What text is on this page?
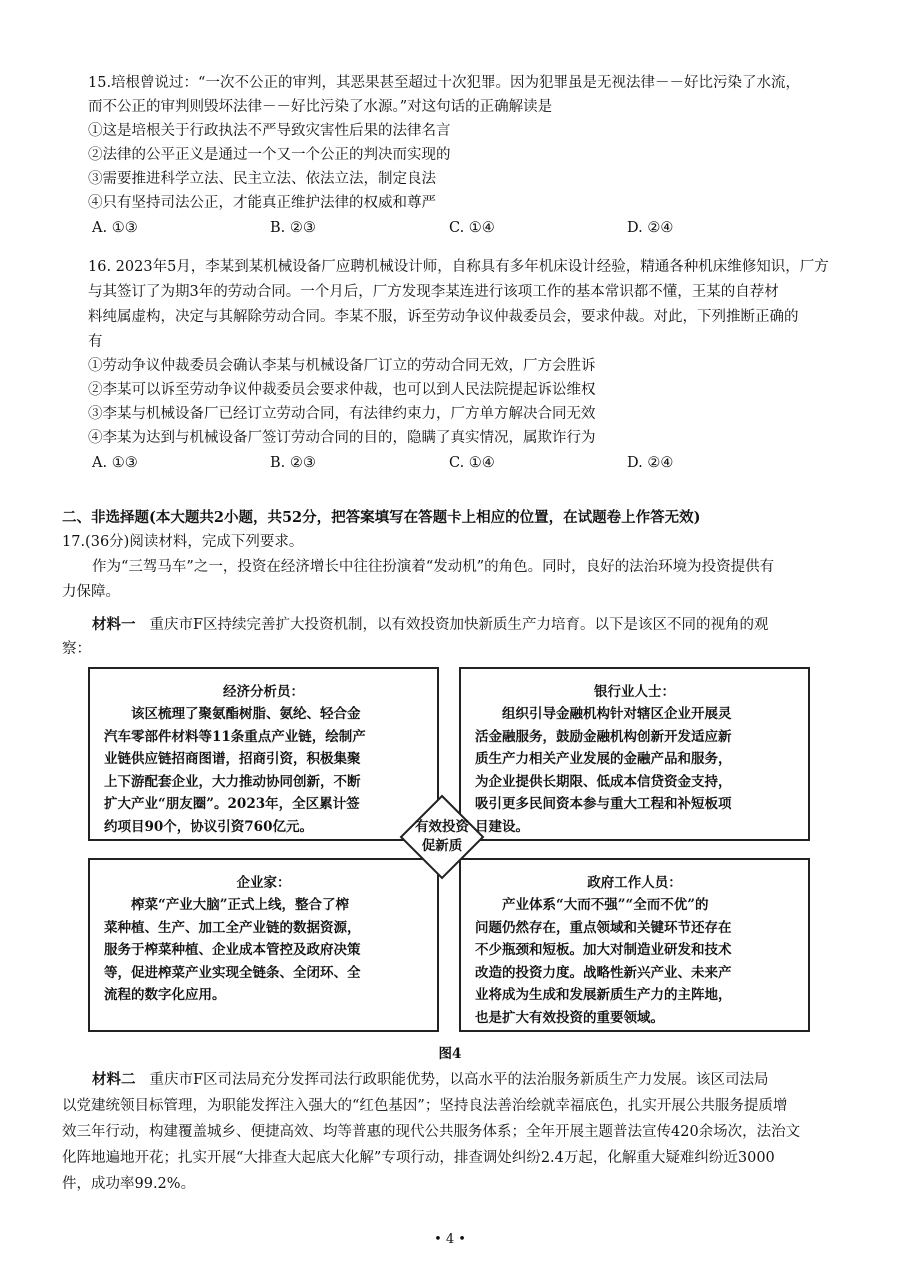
15.培根曾说过：“一次不公正的审判，其恶果甚至超过十次犯罪。因为犯罪虽是无视法律－－好比污染了水流，
而不公正的审判则毁坏法律－－好比污染了水源。”对这句话的正确解读是
①这是培根关于行政执法不严导致灾害性后果的法律名言
②法律的公平正义是通过一个又一个公正的判决而实现的
③需要推进科学立法、民主立法、依法立法，制定良法
④只有坚持司法公正，才能真正维护法律的权威和尊严
A. ①③	B. ②③	C. ①④	D. ②④
16. 2023年5月，李某到某机械设备厂应聘机械设计师，自称具有多年机床设计经验，精通各种机床维修知识，厂方
与其签订了为期3年的劳动合同。一个月后，厂方发现李某连进行该项工作的基本常识都不懂，王某的自荐材
料纯属虚构，决定与其解除劳动合同。李某不服，诉至劳动争议仲裁委员会，要求仲裁。对此，下列推断正确的
有
①劳动争议仲裁委员会确认李某与机械设备厂订立的劳动合同无效，厂方会胜诉
②李某可以诉至劳动争议仲裁委员会要求仲裁，也可以到人民法院提起诉讼维权
③李某与机械设备厂已经订立劳动合同，有法律约束力，厂方单方解决合同无效
④李某为达到与机械设备厂签订劳动合同的目的，隐瞒了真实情况，属欺诈行为
A. ①③	B. ②③	C. ①④	D. ②④
二、非选择题(本大题共2小题，共52分，把答案填写在答题卡上相应的位置，在试题卷上作答无效)
17.(36分)阅读材料，完成下列要求。
作为“三驾马车”之一，投资在经济增长中往往扮演着“发动机”的角色。同时，良好的法治环境为投资提供有
力保障。
材料一 重庆市F区持续完善扩大投资机制，以有效投资加快新质生产力培育。以下是该区不同的视角的观
察：
经济分析员：
该区梳理了聚氨酯树脂、氨纶、轻合金
汽车零部件材料等11条重点产业链，绘制产
业链供应链招商图谱，招商引资，积极集聚
上下游配套企业，大力推动协同创新，不断
扩大产业“朋友圈”。2023年，全区累计签
约项目90个，协议引资760亿元。
银行业人士：
组织引导金融机构针对辖区企业开展灵
活金融服务，鼓励金融机构创新开发适应新
质生产力相关产业发展的金融产品和服务，
为企业提供长期限、低成本信贷资金支持，
吸引更多民间资本参与重大工程和补短板项
目建设。
企业家：
榨菜“产业大脑”正式上线，整合了榨
菜种植、生产、加工全产业链的数据资源，
服务于榨菜种植、企业成本管控及政府决策
等，促进榨菜产业实现全链条、全闭环、全
流程的数字化应用。
政府工作人员：
产业体系“大而不强”“全而不优”的
问题仍然存在，重点领域和关键环节还存在
不少瓶颈和短板。加大对制造业研发和技术
改造的投资力度。战略性新兴产业、未来产
业将成为生成和发展新质生产力的主阵地，
也是扩大有效投资的重要领域。
有效投资
促新质
图4
材料二 重庆市F区司法局充分发挥司法行政职能优势，以高水平的法治服务新质生产力发展。该区司法局
以党建统领目标管理，为职能发挥注入强大的“红色基因”；坚持良法善治绘就幸福底色，扎实开展公共服务提质增
效三年行动，构建覆盖城乡、便捷高效、均等普惠的现代公共服务体系；全年开展主题普法宣传420余场次，法治文
化阵地遍地开花；扎实开展“大排查大起底大化解”专项行动，排查调处纠纷2.4万起，化解重大疑难纠纷近3000
件，成功率99.2%。
• 4 •
